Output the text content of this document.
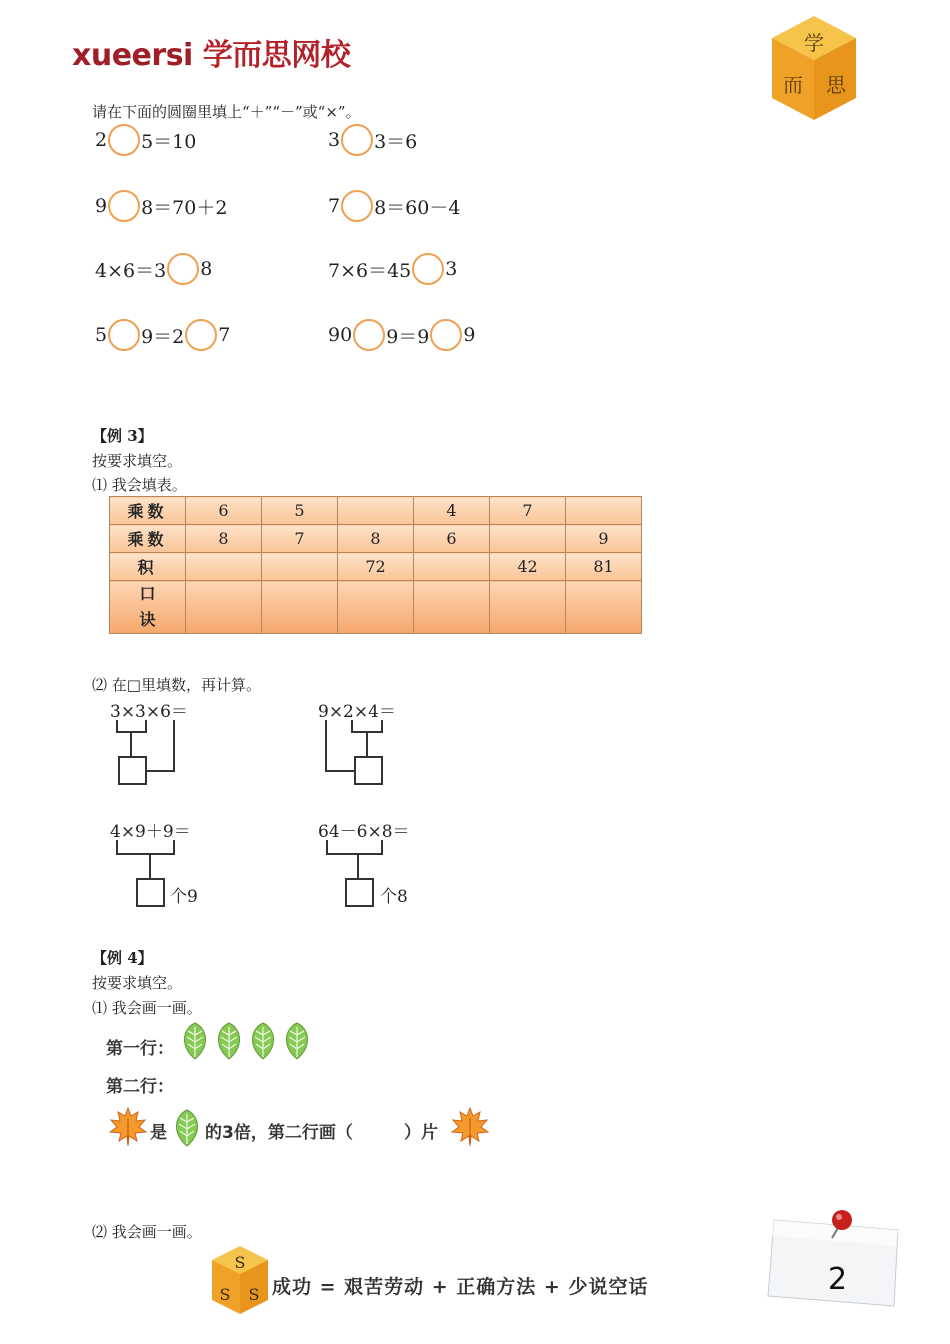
xueersi 学而思网校	学
而 思
请在下面的圆圈里填上“＋”“－”或“×”。
2 5＝10	3 3＝6
9 8＝70＋2	7 8＝60－4
4×6＝3 8	7×6＝45 3
5 9＝2 7	90 9＝9 9
【例 3】
按要求填空。
⑴ 我会填表。
乘数	6	5		4	7	
乘数	8	7	8	6		9
积			72		42	81
口
诀						
⑵ 在□里填数，再计算。
3×3×6＝	9×2×4＝
4×9＋9＝
个9
64－6×8＝
个8
【例 4】
按要求填空。
⑴ 我会画一画。
第一行：
第二行：
是 的3倍，第二行画（	）片
⑵ 我会画一画。
S
S S 成功 = 艰苦劳动 + 正确方法 + 少说空话	2
